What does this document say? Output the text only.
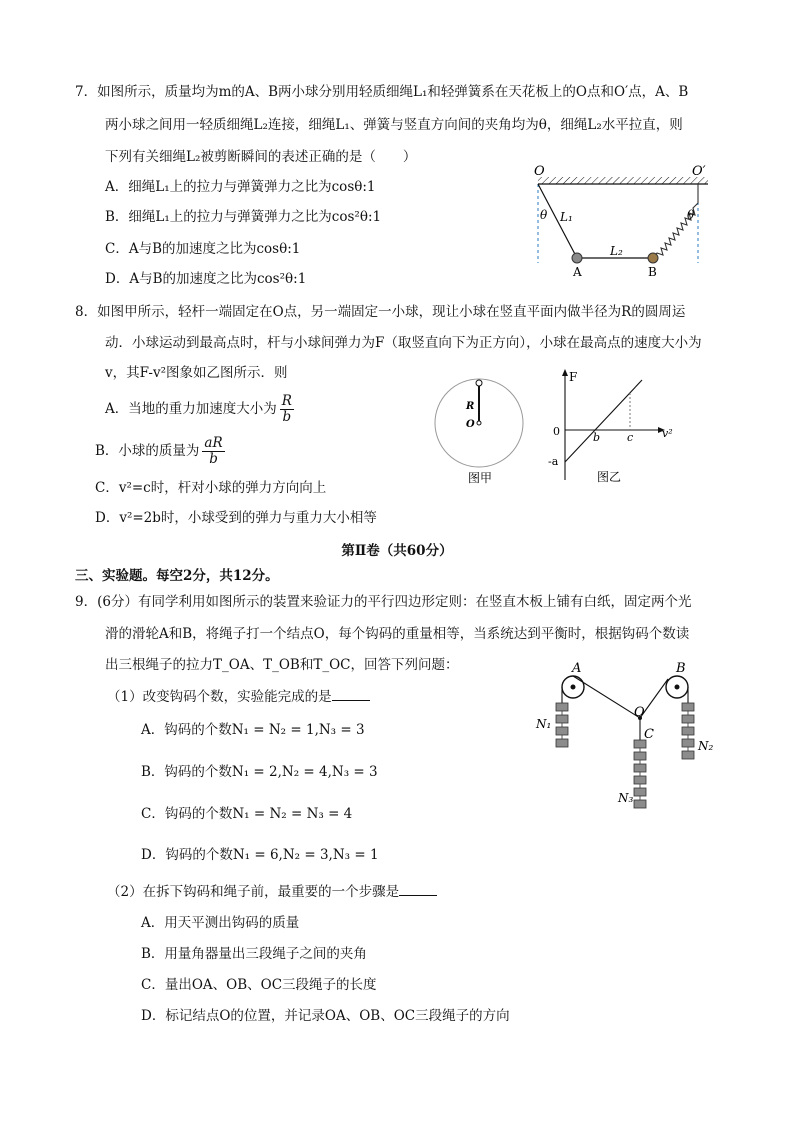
7．如图所示，质量均为m的A、B两小球分别用轻质细绳L₁和轻弹簧系在天花板上的O点和O′点，A、B
两小球之间用一轻质细绳L₂连接，细绳L₁、弹簧与竖直方向间的夹角均为θ，细绳L₂水平拉直，则
下列有关细绳L₂被剪断瞬间的表述正确的是（　　）
A．细绳L₁上的拉力与弹簧弹力之比为cosθ:1
B．细绳L₁上的拉力与弹簧弹力之比为cos²θ:1
C．A与B的加速度之比为cosθ:1
D．A与B的加速度之比为cos²θ:1
O	O′
θ	θ
L₁
L₂
A	B
8．如图甲所示，轻杆一端固定在O点，另一端固定一小球，现让小球在竖直平面内做半径为R的圆周运
动．小球运动到最高点时，杆与小球间弹力为F（取竖直向下为正方向），小球在最高点的速度大小为
v，其F-v²图象如乙图所示．则
A．当地的重力加速度大小为 $\frac{R}{b}$
B．小球的质量为 $\frac{aR}{b}$
C．v²=c时，杆对小球的弹力方向向上
D．v²=2b时，小球受到的弹力与重力大小相等
R
O
图甲
F
0
-a
b c	v²
图乙
第Ⅱ卷（共60分）
三、实验题。每空2分，共12分。
9．(6分）有同学利用如图所示的装置来验证力的平行四边形定则：在竖直木板上铺有白纸，固定两个光
滑的滑轮A和B，将绳子打一个结点O，每个钩码的重量相等，当系统达到平衡时，根据钩码个数读
出三根绳子的拉力T_OA、T_OB和T_OC，回答下列问题：
（1）改变钩码个数，实验能完成的是
A．钩码的个数N₁ = N₂ = 1,N₃ = 3
B．钩码的个数N₁ = 2,N₂ = 4,N₃ = 3
C．钩码的个数N₁ = N₂ = N₃ = 4
D．钩码的个数N₁ = 6,N₂ = 3,N₃ = 1
（2）在拆下钩码和绳子前，最重要的一个步骤是
A．用天平测出钩码的质量
B．用量角器量出三段绳子之间的夹角
C．量出OA、OB、OC三段绳子的长度
D．标记结点O的位置，并记录OA、OB、OC三段绳子的方向
A	B
O
C
N₁
N₂
N₃
